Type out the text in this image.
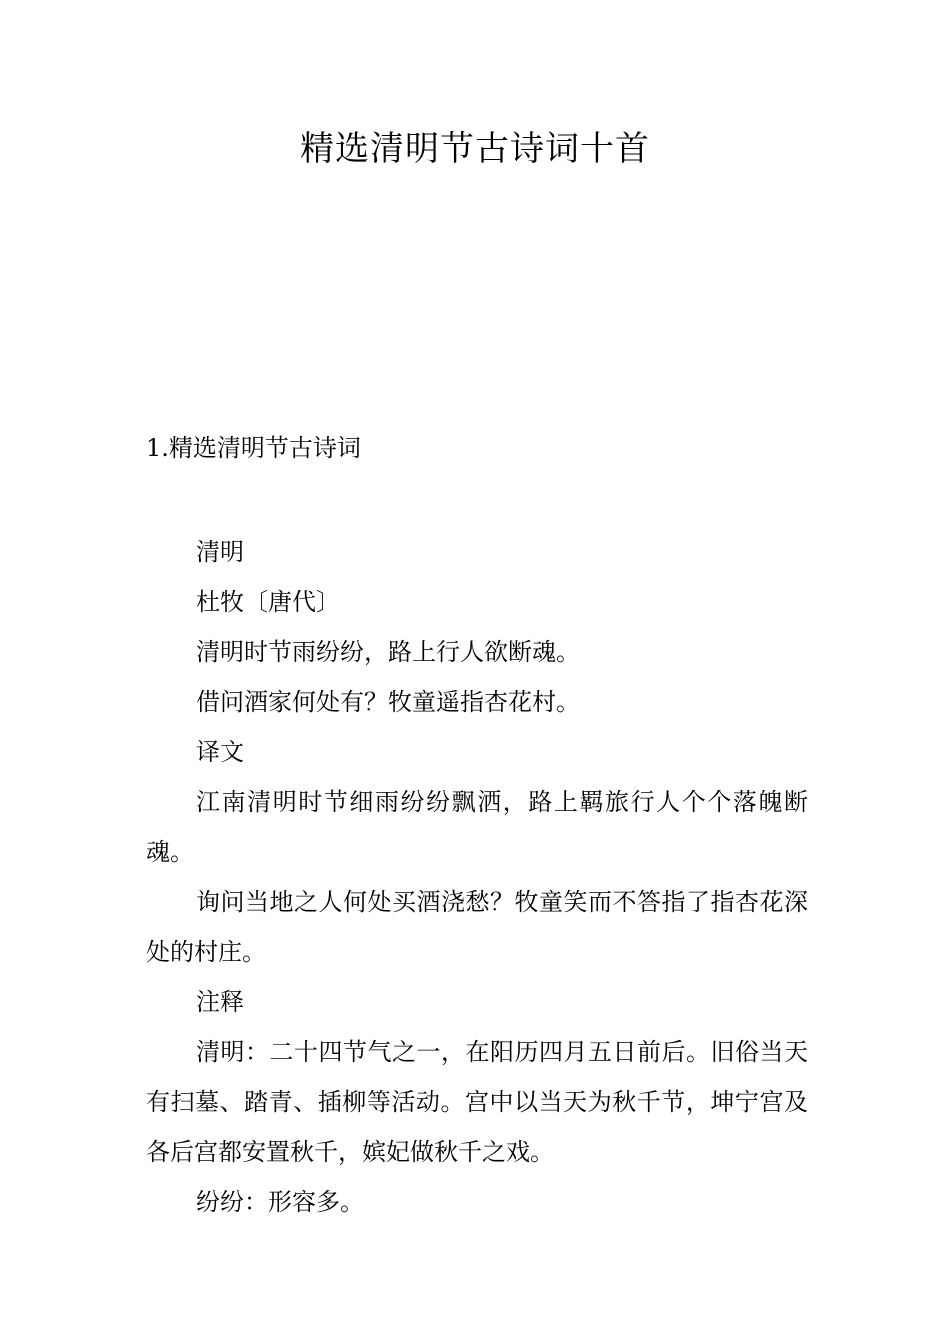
精选清明节古诗词十首
1.精选清明节古诗词

清明

杜牧〔唐代〕

清明时节雨纷纷，路上行人欲断魂。

借问酒家何处有？牧童遥指杏花村。

译文

江南清明时节细雨纷纷飘洒，路上羁旅行人个个落魄断魂。

询问当地之人何处买酒浇愁？牧童笑而不答指了指杏花深处的村庄。

注释

清明：二十四节气之一，在阳历四月五日前后。旧俗当天有扫墓、踏青、插柳等活动。宫中以当天为秋千节，坤宁宫及各后宫都安置秋千，嫔妃做秋千之戏。

纷纷：形容多。
